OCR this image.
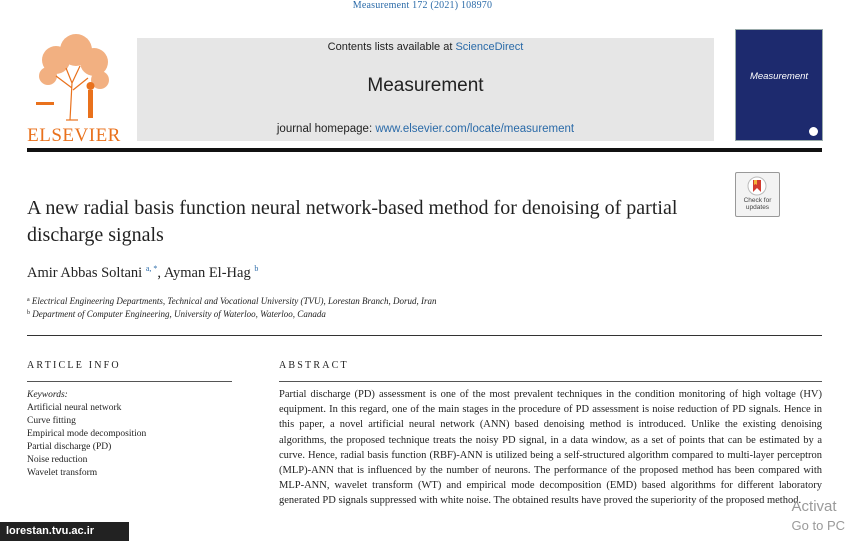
Measurement 172 (2021) 108970
ELSEVIER
Contents lists available at ScienceDirect
Measurement
journal homepage: www.elsevier.com/locate/measurement
Measurement
A new radial basis function neural network-based method for denoising of partial discharge signals
Check for updates
Amir Abbas Soltani $^{a, *}$, Ayman El-Hag $^b$
$^a$ Electrical Engineering Departments, Technical and Vocational University (TVU), Lorestan Branch, Dorud, Iran
$^b$ Department of Computer Engineering, University of Waterloo, Waterloo, Canada
ARTICLE INFO	ABSTRACT
Keywords:
Artificial neural network
Curve fitting
Empirical mode decomposition
Partial discharge (PD)
Noise reduction
Wavelet transform
Partial discharge (PD) assessment is one of the most prevalent techniques in the condition monitoring of high voltage (HV) equipment. In this regard, one of the main stages in the procedure of PD assessment is noise reduction of PD signals. Hence in this paper, a novel artificial neural network (ANN) based denoising method is introduced. Unlike the existing denoising algorithms, the proposed technique treats the noisy PD signal, in a data window, as a set of points that can be estimated by a curve. Hence, radial basis function (RBF)-ANN is utilized being a self-structured algorithm compared to multi-layer perceptron (MLP)-ANN that is influenced by the number of neurons. The performance of the proposed method has been compared with MLP-ANN, wavelet transform (WT) and empirical mode decomposition (EMD) based algorithms for different laboratory generated PD signals suppressed with white noise. The obtained results have proved the superiority of the proposed method.
lorestan.tvu.ac.ir
Activat
Go to PC
